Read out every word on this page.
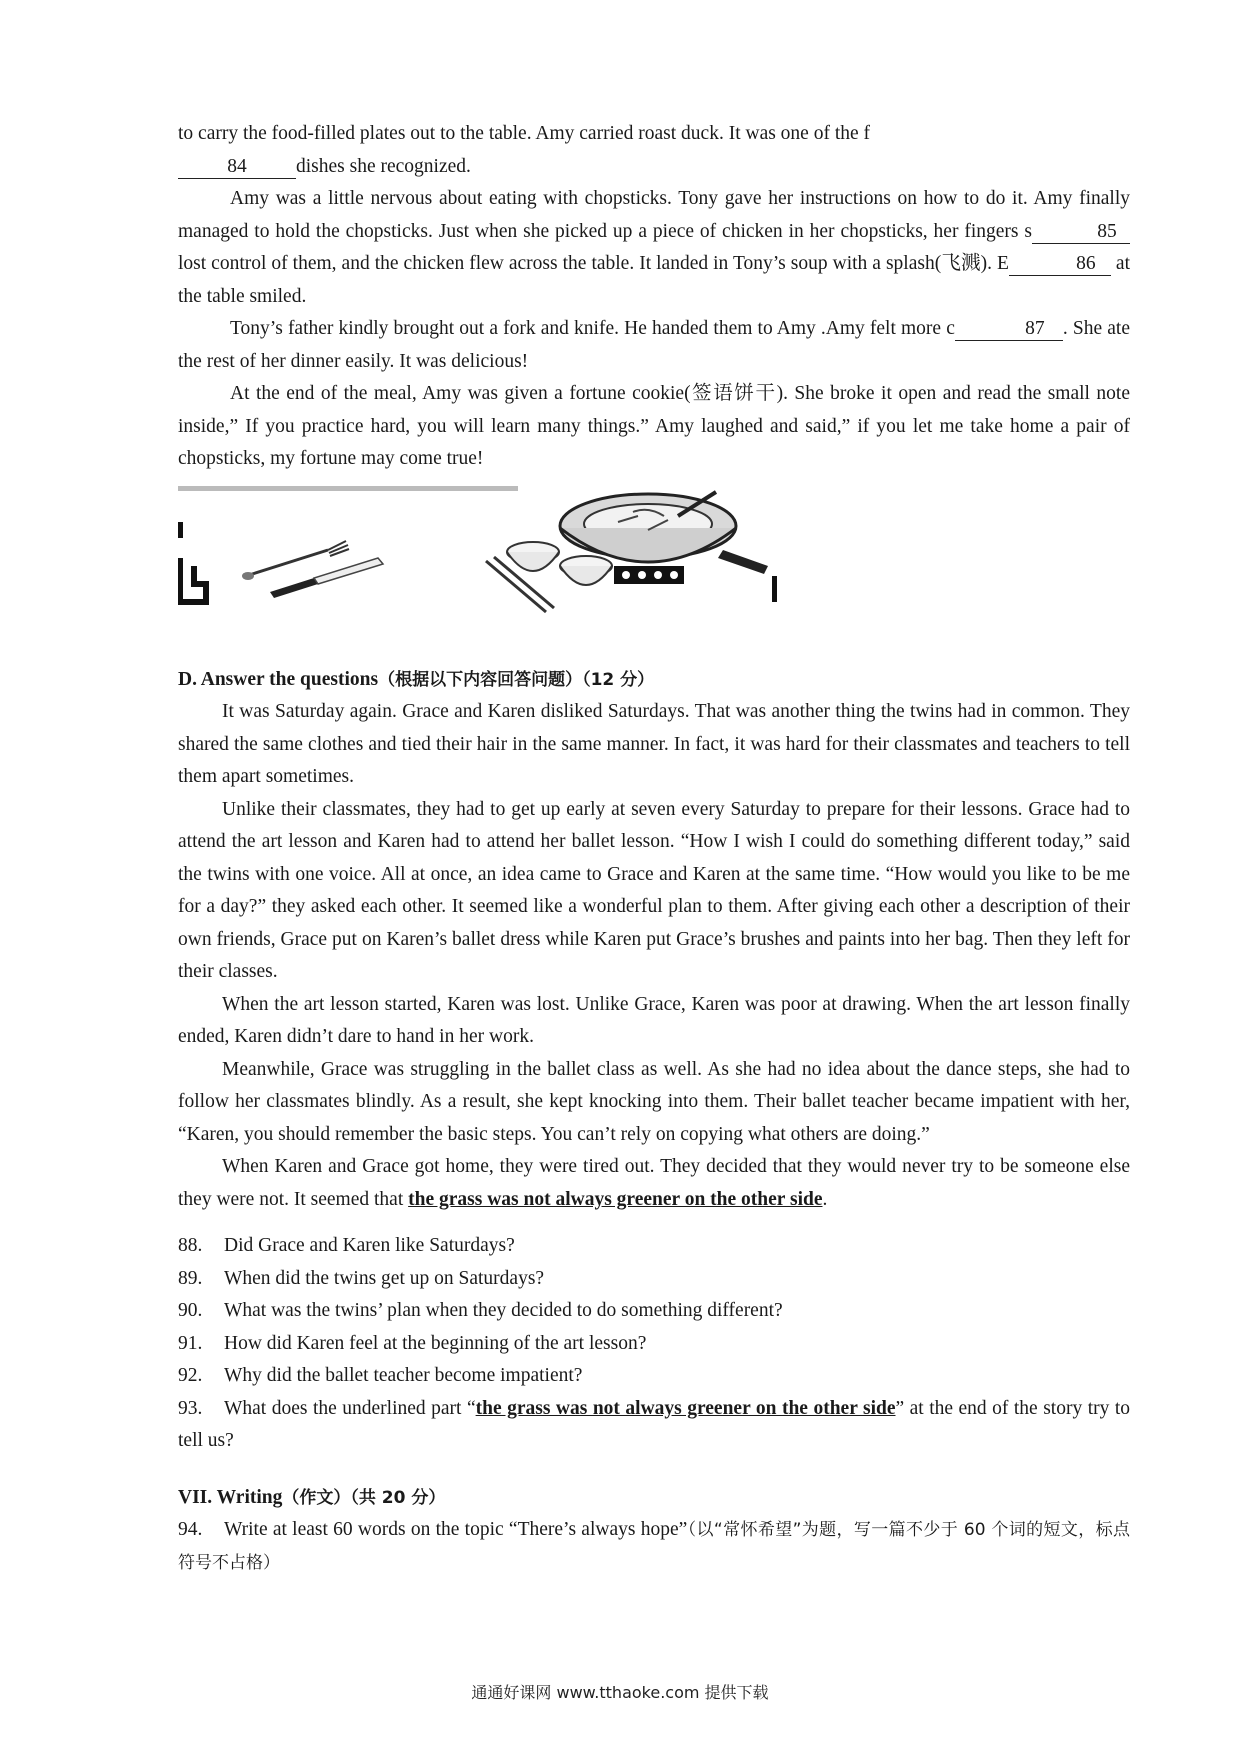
to carry the food-filled plates out to the table. Amy carried roast duck. It was one of the f
84	dishes she recognized.

Amy was a little nervous about eating with chopsticks. Tony gave her instructions on how to do it. Amy finally managed to hold the chopsticks. Just when she picked up a piece of chicken in her chopsticks, her fingers s	85 lost control of them, and the chicken flew across the table. It landed in Tony’s soup with a splash(飞溅). E	86 at the table smiled.

Tony’s father kindly brought out a fork and knife. He handed them to Amy .Amy felt more c	87 . She ate the rest of her dinner easily. It was delicious!

At the end of the meal, Amy was given a fortune cookie(签语饼干). She broke it open and read the small note inside,” If you practice hard, you will learn many things.” Amy laughed and said,” if you let me take home a pair of chopsticks, my fortune may come true!

D. Answer the questions（根据以下内容回答问题）（12 分）

It was Saturday again. Grace and Karen disliked Saturdays. That was another thing the twins had in common. They shared the same clothes and tied their hair in the same manner. In fact, it was hard for their classmates and teachers to tell them apart sometimes.

Unlike their classmates, they had to get up early at seven every Saturday to prepare for their lessons. Grace had to attend the art lesson and Karen had to attend her ballet lesson. “How I wish I could do something different today,” said the twins with one voice. All at once, an idea came to Grace and Karen at the same time. “How would you like to be me for a day?” they asked each other. It seemed like a wonderful plan to them. After giving each other a description of their own friends, Grace put on Karen’s ballet dress while Karen put Grace’s brushes and paints into her bag. Then they left for their classes.

When the art lesson started, Karen was lost. Unlike Grace, Karen was poor at drawing. When the art lesson finally ended, Karen didn’t dare to hand in her work.

Meanwhile, Grace was struggling in the ballet class as well. As she had no idea about the dance steps, she had to follow her classmates blindly. As a result, she kept knocking into them. Their ballet teacher became impatient with her, “Karen, you should remember the basic steps. You can’t rely on copying what others are doing.”

When Karen and Grace got home, they were tired out. They decided that they would never try to be someone else they were not. It seemed that the grass was not always greener on the other side.

88. Did Grace and Karen like Saturdays?
89. When did the twins get up on Saturdays?
90. What was the twins’ plan when they decided to do something different?
91. How did Karen feel at the beginning of the art lesson?
92. Why did the ballet teacher become impatient?

93. What does the underlined part “the grass was not always greener on the other side” at the end of the story try to tell us?

VII. Writing（作文）（共 20 分）

94. Write at least 60 words on the topic “There’s always hope”（以“常怀希望”为题，写一篇不少于 60 个词的短文，标点符号不占格）

通通好课网 www.tthaoke.com 提供下载
